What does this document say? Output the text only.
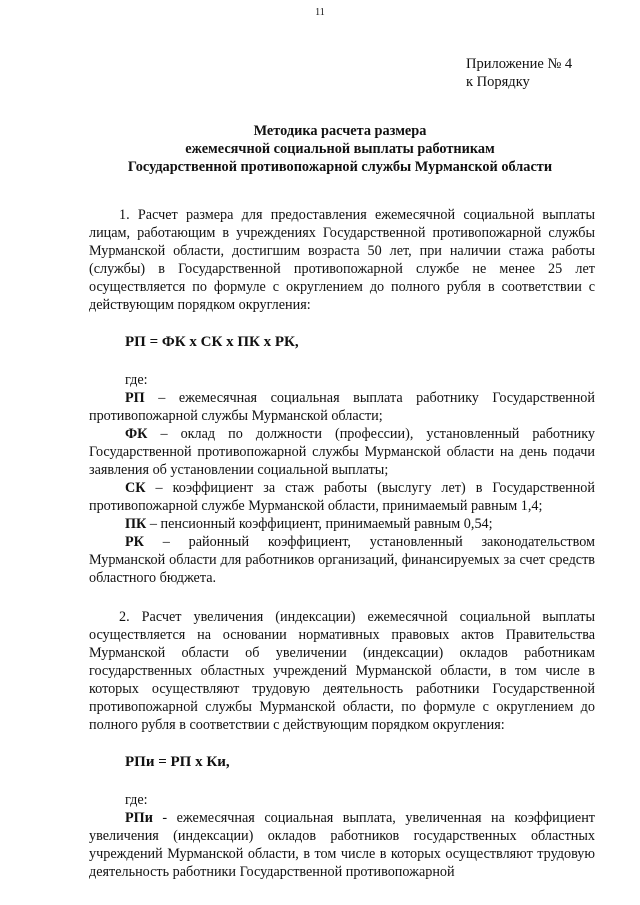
11
Приложение № 4
к Порядку
Методика расчета размера
ежемесячной социальной выплаты работникам
Государственной противопожарной службы Мурманской области

1. Расчет размера для предоставления ежемесячной социальной выплаты лицам, работающим в учреждениях Государственной противопожарной службы Мурманской области, достигшим возраста 50 лет, при наличии стажа работы (службы) в Государственной противопожарной службе не менее 25 лет осуществляется по формуле с округлением до полного рубля в соответствии с действующим порядком округления:

РП = ФК х СК х ПК х РК,

где:

РП – ежемесячная социальная выплата работнику Государственной противопожарной службы Мурманской области;

ФК – оклад по должности (профессии), установленный работнику Государственной противопожарной службы Мурманской области на день подачи заявления об установлении социальной выплаты;

СК – коэффициент за стаж работы (выслугу лет) в Государственной противопожарной службе Мурманской области, принимаемый равным 1,4;

ПК – пенсионный коэффициент, принимаемый равным 0,54;

РК – районный коэффициент, установленный законодательством Мурманской области для работников организаций, финансируемых за счет средств областного бюджета.

2. Расчет увеличения (индексации) ежемесячной социальной выплаты осуществляется на основании нормативных правовых актов Правительства Мурманской области об увеличении (индексации) окладов работникам государственных областных учреждений Мурманской области, в том числе в которых осуществляют трудовую деятельность работники Государственной противопожарной службы Мурманской области, по формуле с округлением до полного рубля в соответствии с действующим порядком округления:

РПи = РП х Ки,

где:

РПи - ежемесячная социальная выплата, увеличенная на коэффициент увеличения (индексации) окладов работников государственных областных учреждений Мурманской области, в том числе в которых осуществляют трудовую деятельность работники Государственной противопожарной
